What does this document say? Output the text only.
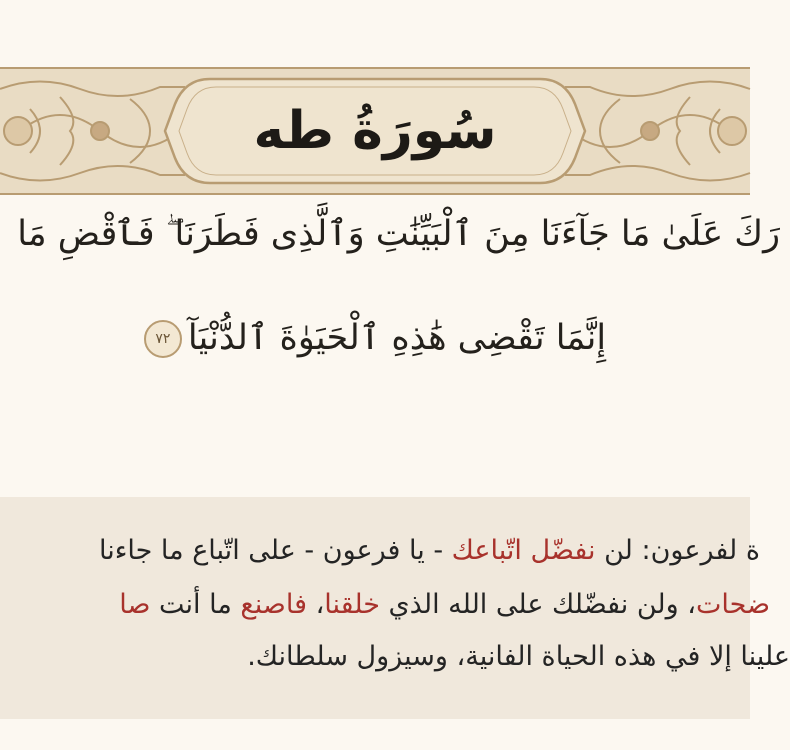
سُورَةُ طه
رَكَ عَلَىٰ مَا جَآءَنَا مِنَ ٱلْبَيِّنَٰتِ وَٱلَّذِى فَطَرَنَا ۖ فَٱقْضِ مَا
إِنَّمَا تَقْضِى هَٰذِهِ ٱلْحَيَوٰةَ ٱلدُّنْيَآ٧٢
ة لفرعون: لن نفضّل اتّباعك - يا فرعون - على اتّباع ما جاءنا
ضحات، ولن نفضّلك على الله الذي خلقنا، فاصنع ما أنت صا
علينا إلا في هذه الحياة الفانية، وسيزول سلطانك.
